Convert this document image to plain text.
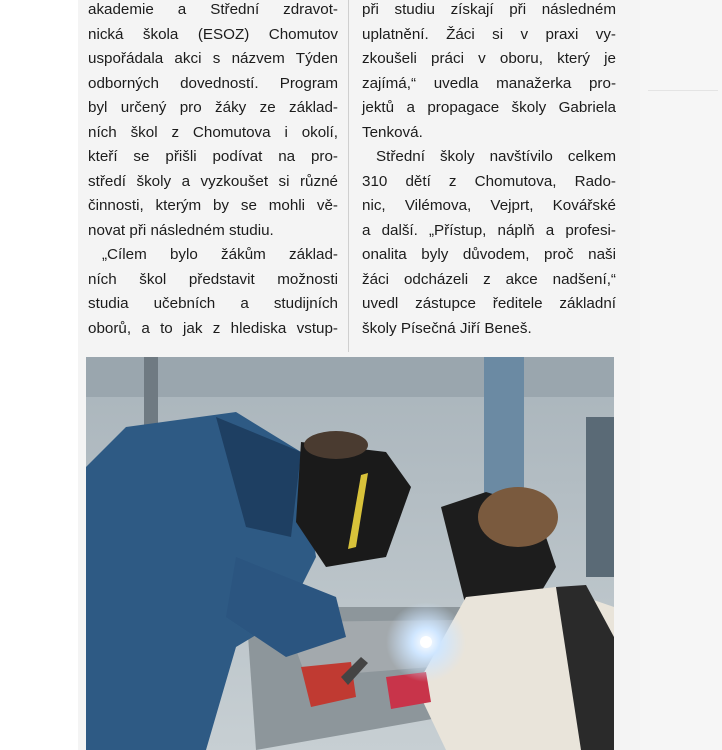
akademie a Střední zdravot-
nická škola (ESOZ) Chomutov
uspořádala akci s názvem Týden
odborných dovedností. Program
byl určený pro žáky ze základ-
ních škol z Chomutova i okolí,
kteří se přišli podívat na pro-
středí školy a vyzkoušet si různé
činnosti, kterým by se mohli vě-
novat při následném studiu.

„Cílem bylo žákům základ-
ních škol představit možnosti
studia učebních a studijních
oborů, a to jak z hlediska vstup-

při studiu získají při následném
uplatnění. Žáci si v praxi vy-
zkoušeli práci v oboru, který je
zajímá,“ uvedla manažerka pro-
jektů a propagace školy Gabriela
Tenková.

Střední školy navštívilo celkem
310 dětí z Chomutova, Rado-
nic, Vilémova, Vejprt, Kovářské
a další. „Přístup, náplň a profesi-
onalita byly důvodem, proč naši
žáci odcházeli z akce nadšení,“
uvedl zástupce ředitele základní
školy Písečná Jiří Beneš.
